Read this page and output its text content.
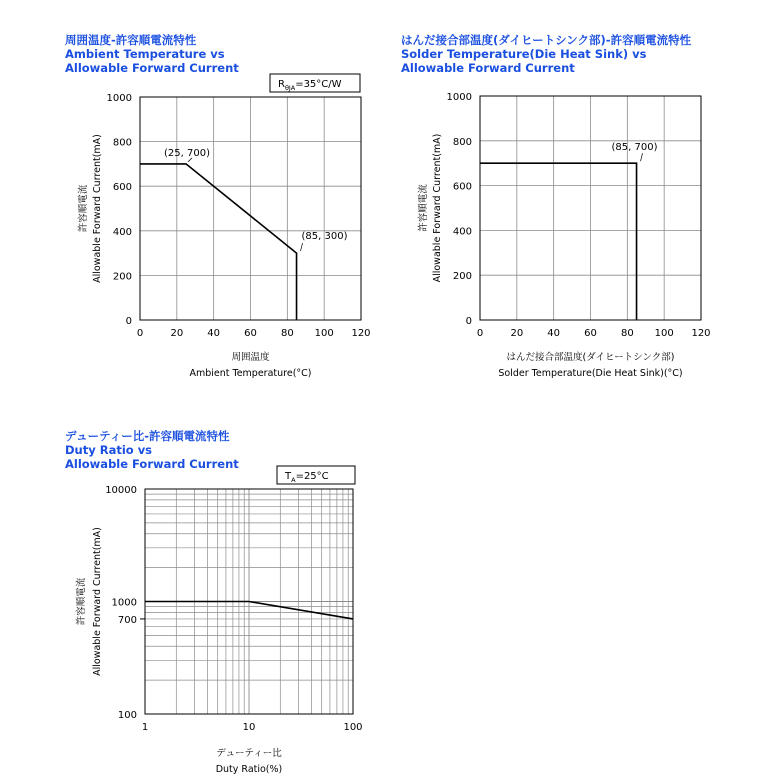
周囲温度-許容順電流特性
Ambient Temperature vs
Allowable Forward Current
0	20 40 60 80 100 120
0
200
400
600
800
1000
(25, 700)
(85, 300)
周囲温度
Ambient Temperature(°C)
許容順電流 Allowable Forward Current(mA)
$R_{\theta JA}=35^\circ C/W$
はんだ接合部温度(ダイヒートシンク部)-許容順電流特性
Solder Temperature(Die Heat Sink) vs
Allowable Forward Current
0	20 40 60 80 100 120
0
200
400
600
800
1000
(85, 700)
はんだ接合部温度(ダイヒートシンク部)
Solder Temperature(Die Heat Sink)(°C)
許容順電流 Allowable Forward Current(mA)
デューティー比-許容順電流特性
Duty Ratio vs
Allowable Forward Current
1	10	100
100
700
1000
10000
デューティー比
Duty Ratio(%)
許容順電流 Allowable Forward Current(mA)
$T_A=25^\circ C$
